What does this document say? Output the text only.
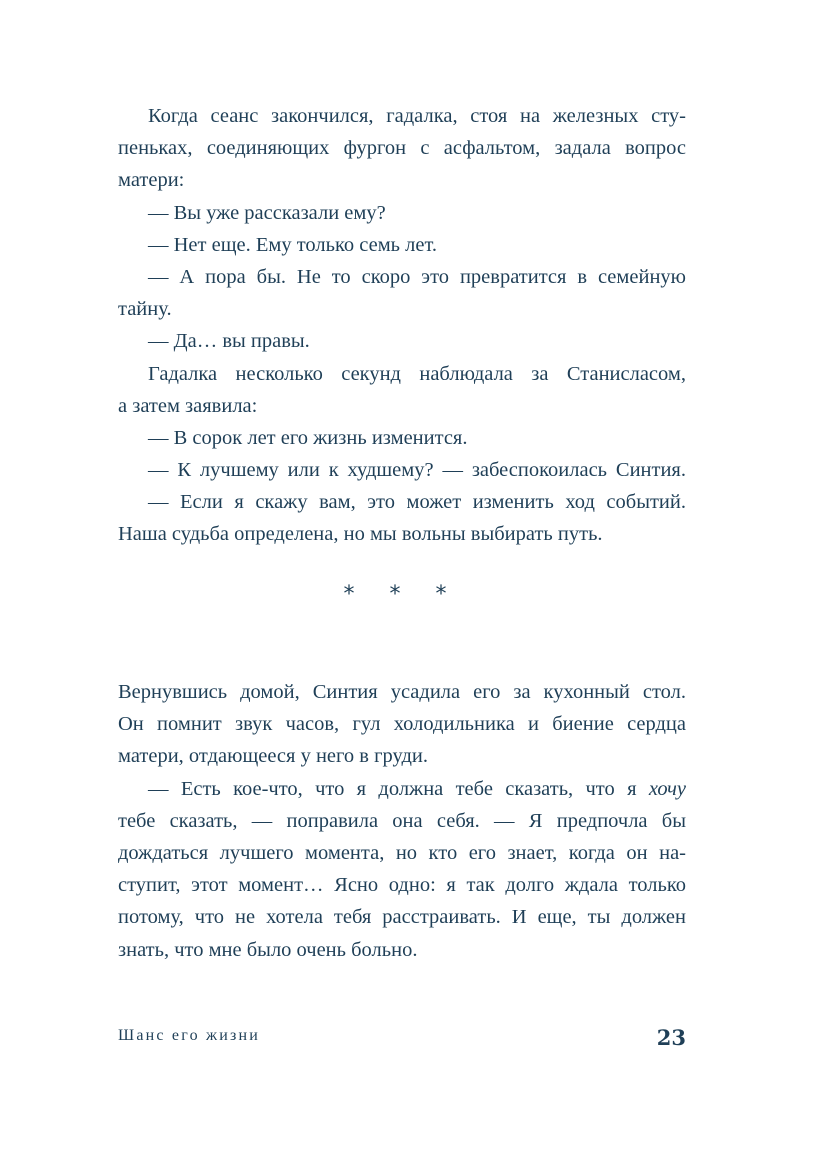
Когда сеанс закончился, гадалка, стоя на железных сту-
пеньках, соединяющих фургон с асфальтом, задала вопрос
матери:
— Вы уже рассказали ему?
— Нет еще. Ему только семь лет.
— А пора бы. Не то скоро это превратится в семейную
тайну.
— Да… вы правы.
Гадалка несколько секунд наблюдала за Станисласом,
а затем заявила:
— В сорок лет его жизнь изменится.
— К лучшему или к худшему? — забеспокоилась Синтия.
— Если я скажу вам, это может изменить ход событий.
Наша судьба определена, но мы вольны выбирать путь.
* * *
Вернувшись домой, Синтия усадила его за кухонный стол.
Он помнит звук часов, гул холодильника и биение сердца
матери, отдающееся у него в груди.
— Есть кое-что, что я должна тебе сказать, что я хочу
тебе сказать, — поправила она себя. — Я предпочла бы
дождаться лучшего момента, но кто его знает, когда он на-
ступит, этот момент… Ясно одно: я так долго ждала только
потому, что не хотела тебя расстраивать. И еще, ты должен
знать, что мне было очень больно.
Шанс его жизни	23
